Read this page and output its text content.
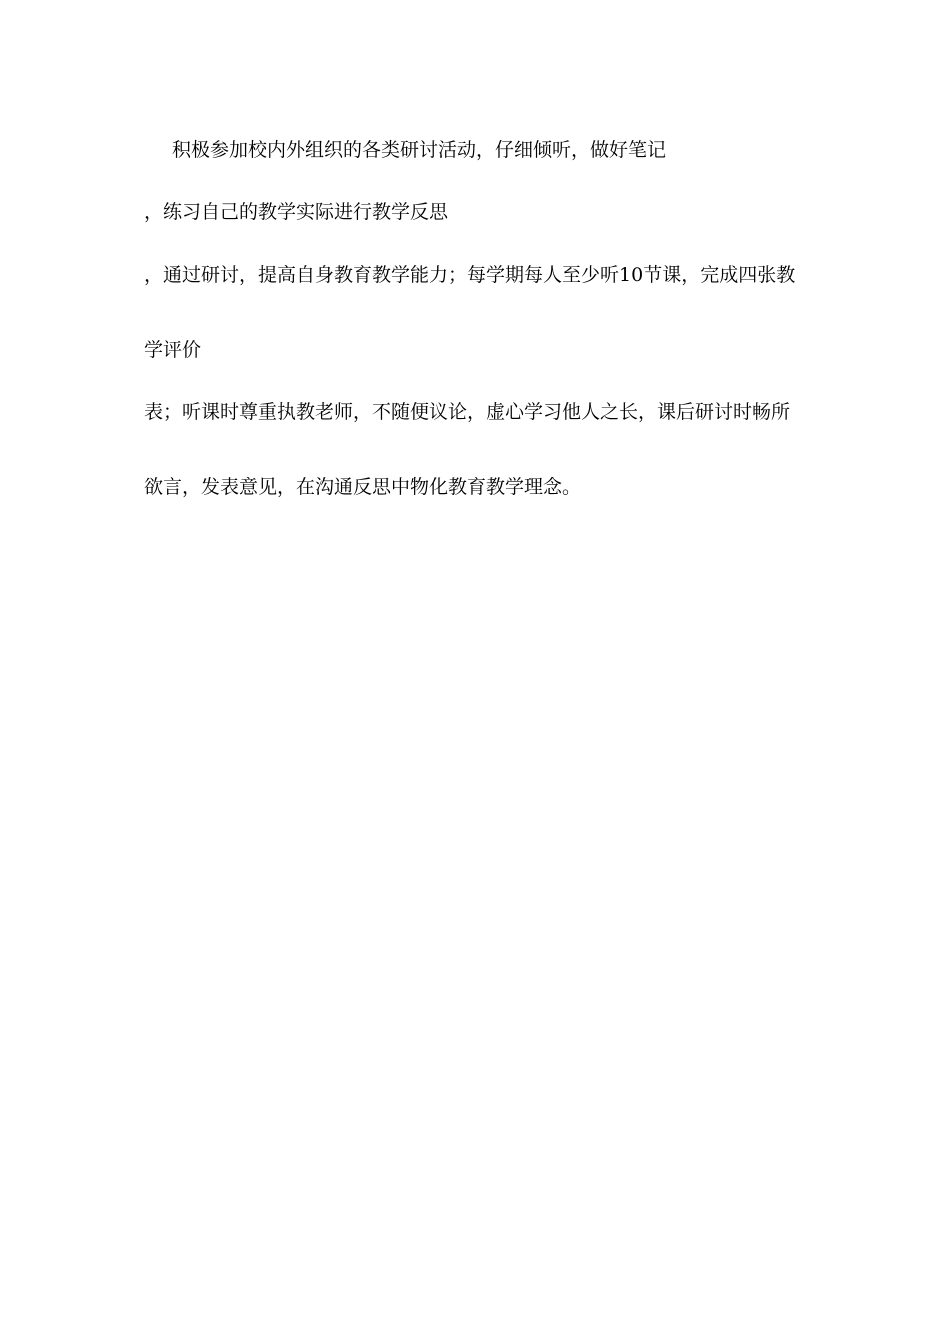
积极参加校内外组织的各类研讨活动，仔细倾听，做好笔记
，练习自己的教学实际进行教学反思
，通过研讨，提高自身教育教学能力；每学期每人至少听10节课，完成四张教
学评价
表；听课时尊重执教老师，不随便议论，虚心学习他人之长，课后研讨时畅所
欲言，发表意见，在沟通反思中物化教育教学理念。
